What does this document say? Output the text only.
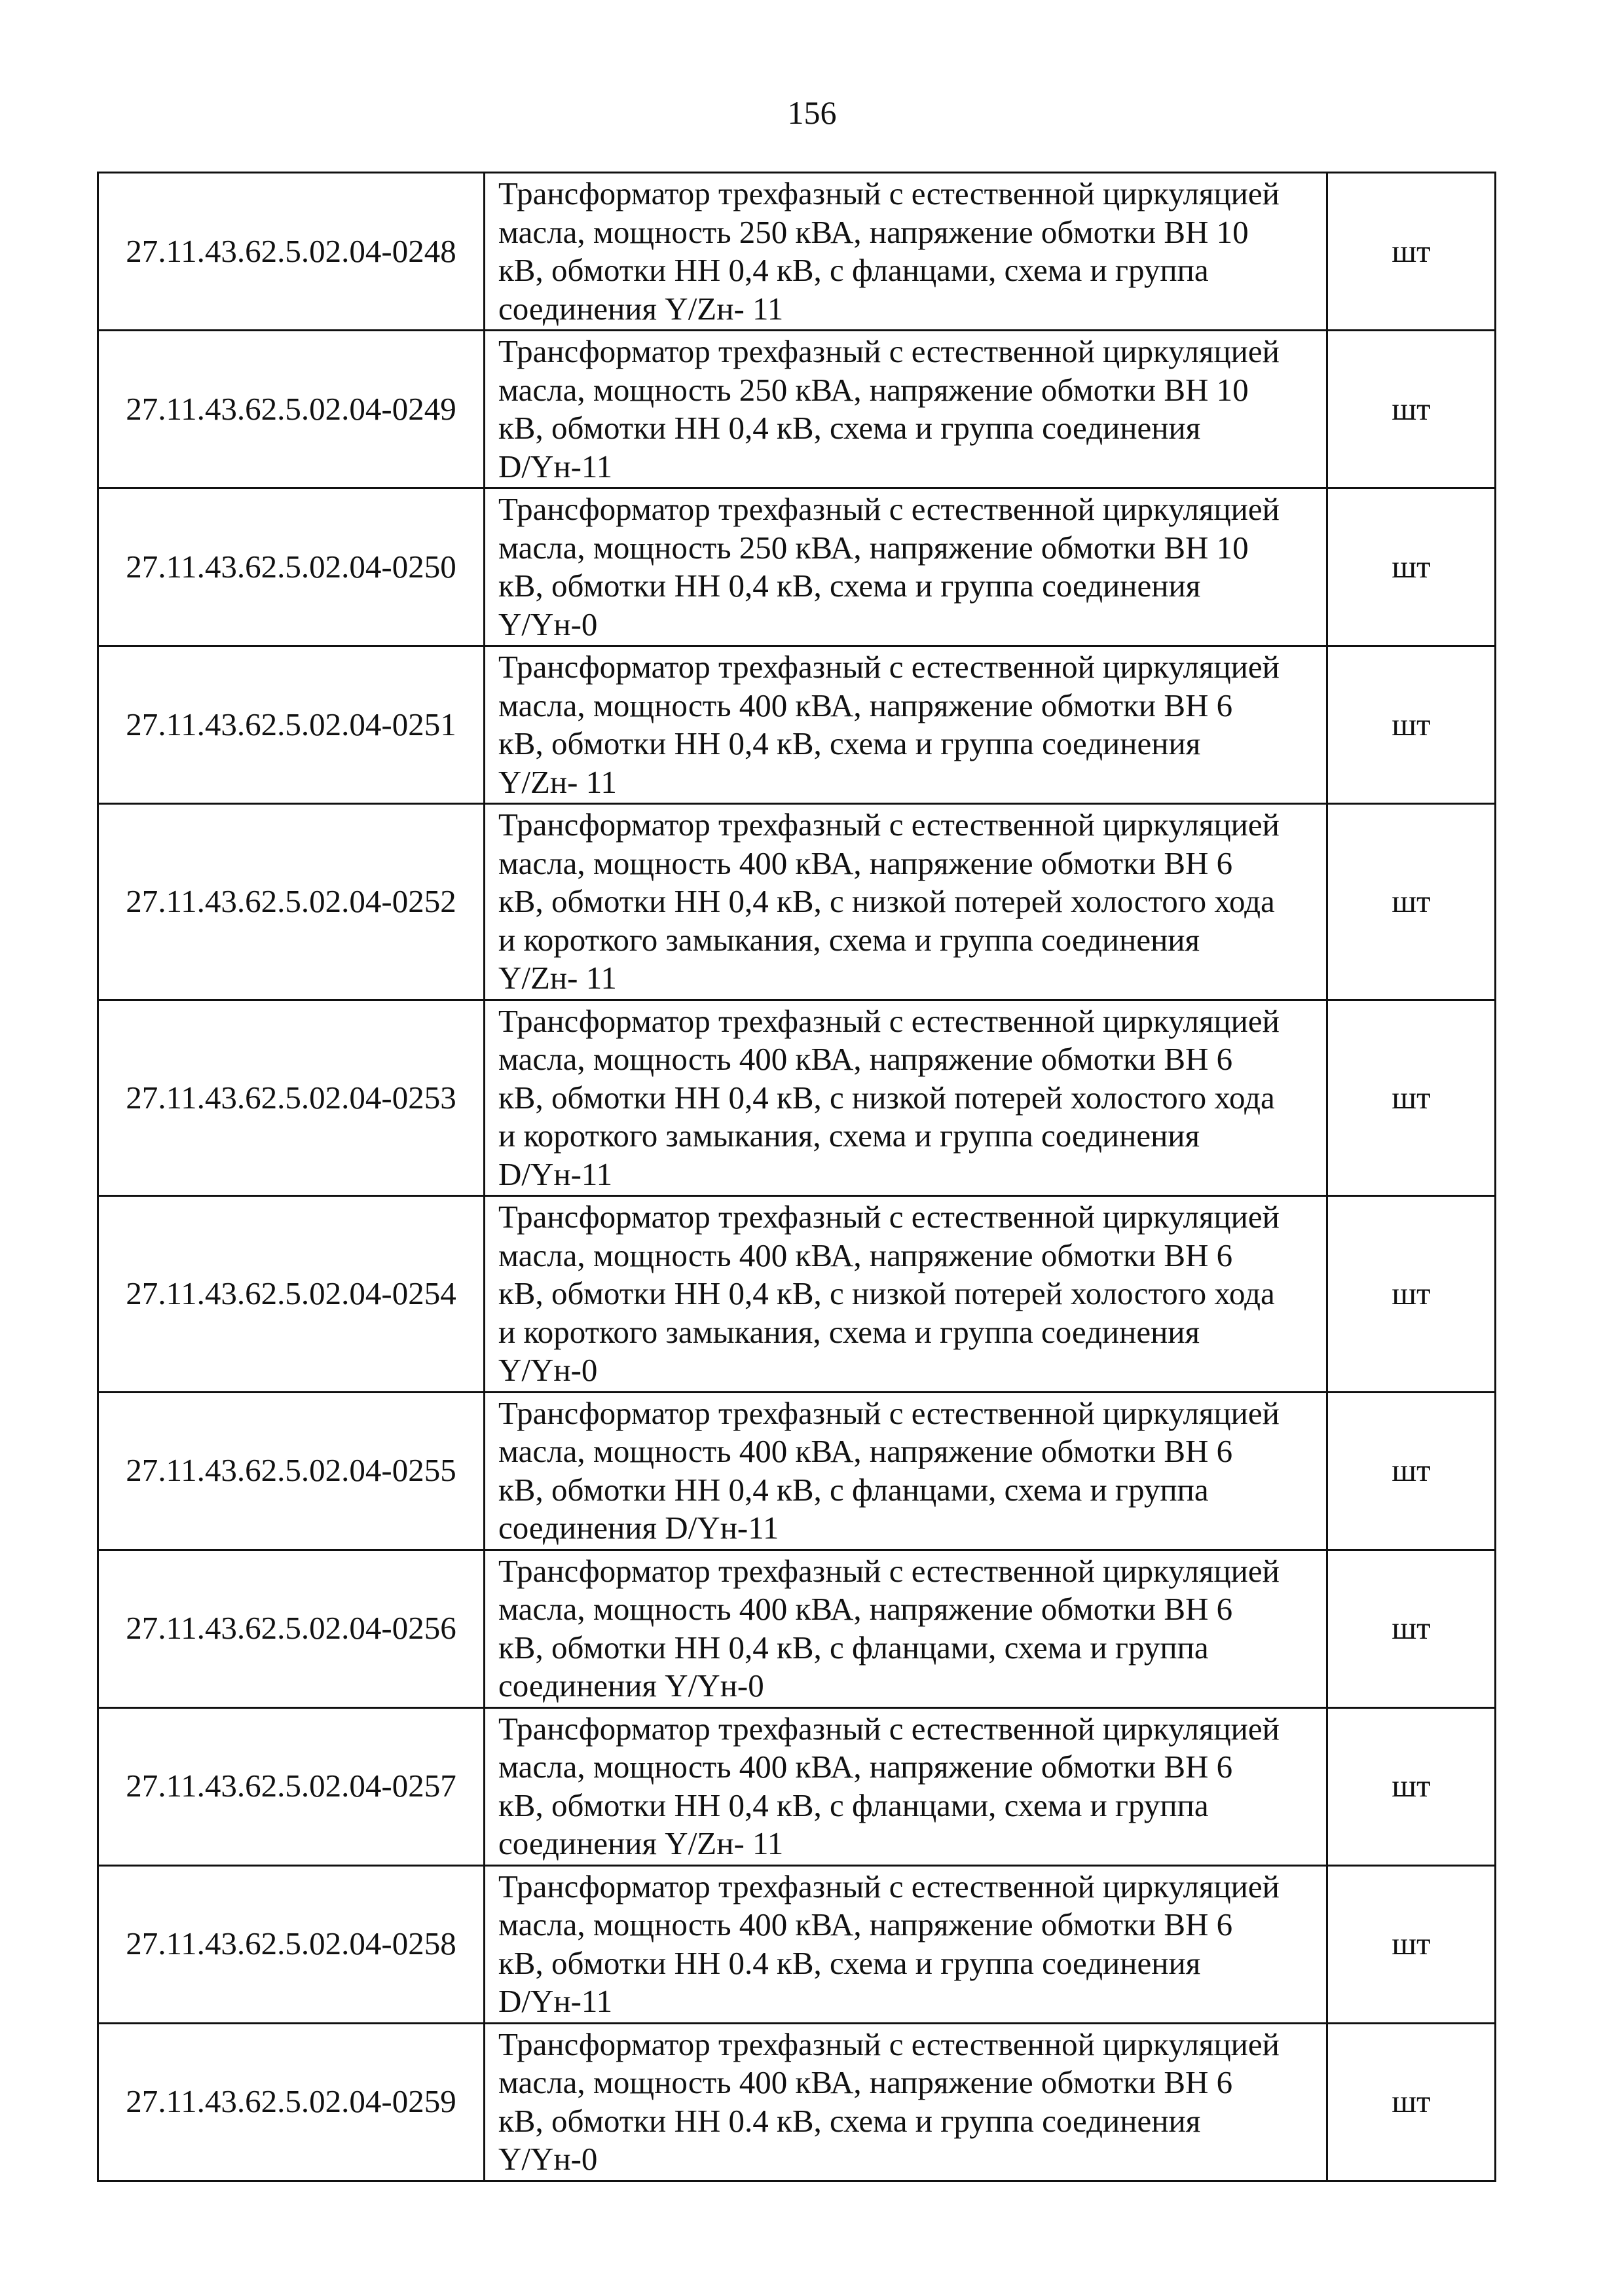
156
27.11.43.62.5.02.04-0248	Трансформатор трехфазный с естественной циркуляцией
масла, мощность 250 кВА, напряжение обмотки ВН 10
кВ, обмотки НН 0,4 кВ, с фланцами, схема и группа
соединения Y/Zн- 11	шт
27.11.43.62.5.02.04-0249	Трансформатор трехфазный с естественной циркуляцией
масла, мощность 250 кВА, напряжение обмотки ВН 10
кВ, обмотки НН 0,4 кВ, схема и группа соединения
D/Yн-11	шт
27.11.43.62.5.02.04-0250	Трансформатор трехфазный с естественной циркуляцией
масла, мощность 250 кВА, напряжение обмотки ВН 10
кВ, обмотки НН 0,4 кВ, схема и группа соединения
Y/Yн-0	шт
27.11.43.62.5.02.04-0251	Трансформатор трехфазный с естественной циркуляцией
масла, мощность 400 кВА, напряжение обмотки ВН 6
кВ, обмотки НН 0,4 кВ, схема и группа соединения
Y/Zн- 11	шт
27.11.43.62.5.02.04-0252	Трансформатор трехфазный с естественной циркуляцией
масла, мощность 400 кВА, напряжение обмотки ВН 6
кВ, обмотки НН 0,4 кВ, с низкой потерей холостого хода
и короткого замыкания, схема и группа соединения
Y/Zн- 11	шт
27.11.43.62.5.02.04-0253	Трансформатор трехфазный с естественной циркуляцией
масла, мощность 400 кВА, напряжение обмотки ВН 6
кВ, обмотки НН 0,4 кВ, с низкой потерей холостого хода
и короткого замыкания, схема и группа соединения
D/Yн-11	шт
27.11.43.62.5.02.04-0254	Трансформатор трехфазный с естественной циркуляцией
масла, мощность 400 кВА, напряжение обмотки ВН 6
кВ, обмотки НН 0,4 кВ, с низкой потерей холостого хода
и короткого замыкания, схема и группа соединения
Y/Yн-0	шт
27.11.43.62.5.02.04-0255	Трансформатор трехфазный с естественной циркуляцией
масла, мощность 400 кВА, напряжение обмотки ВН 6
кВ, обмотки НН 0,4 кВ, с фланцами, схема и группа
соединения D/Yн-11	шт
27.11.43.62.5.02.04-0256	Трансформатор трехфазный с естественной циркуляцией
масла, мощность 400 кВА, напряжение обмотки ВН 6
кВ, обмотки НН 0,4 кВ, с фланцами, схема и группа
соединения Y/Yн-0	шт
27.11.43.62.5.02.04-0257	Трансформатор трехфазный с естественной циркуляцией
масла, мощность 400 кВА, напряжение обмотки ВН 6
кВ, обмотки НН 0,4 кВ, с фланцами, схема и группа
соединения Y/Zн- 11	шт
27.11.43.62.5.02.04-0258	Трансформатор трехфазный с естественной циркуляцией
масла, мощность 400 кВА, напряжение обмотки ВН 6
кВ, обмотки НН 0.4 кВ, схема и группа соединения
D/Yн-11	шт
27.11.43.62.5.02.04-0259	Трансформатор трехфазный с естественной циркуляцией
масла, мощность 400 кВА, напряжение обмотки ВН 6
кВ, обмотки НН 0.4 кВ, схема и группа соединения
Y/Yн-0	шт
